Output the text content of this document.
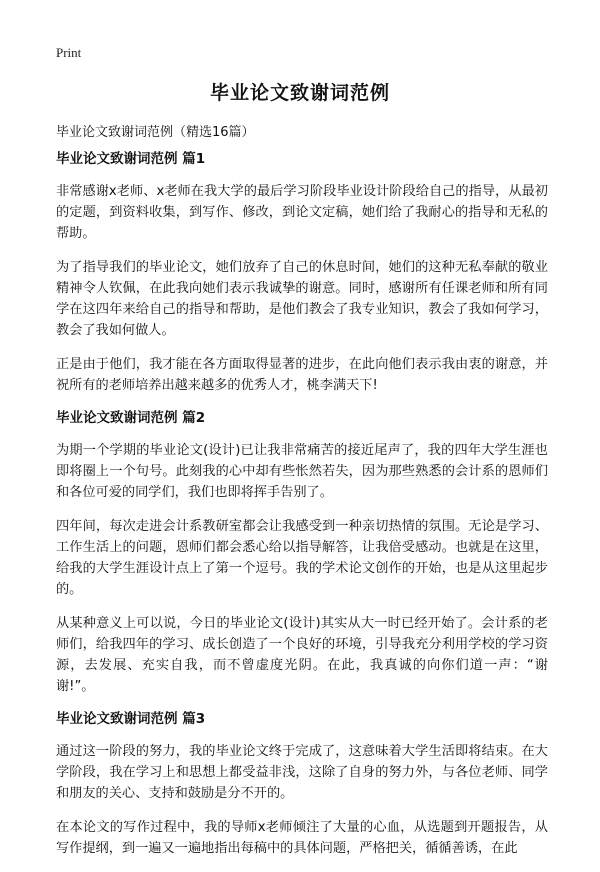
Print
毕业论文致谢词范例
毕业论文致谢词范例（精选16篇）
毕业论文致谢词范例 篇1

非常感谢x老师、x老师在我大学的最后学习阶段毕业设计阶段给自己的指导，从最初的定题，到资料收集，到写作、修改，到论文定稿，她们给了我耐心的指导和无私的帮助。

为了指导我们的毕业论文，她们放弃了自己的休息时间，她们的这种无私奉献的敬业精神令人钦佩，在此我向她们表示我诚挚的谢意。同时，感谢所有任课老师和所有同学在这四年来给自己的指导和帮助，是他们教会了我专业知识，教会了我如何学习，教会了我如何做人。

正是由于他们，我才能在各方面取得显著的进步，在此向他们表示我由衷的谢意，并祝所有的老师培养出越来越多的优秀人才，桃李满天下!

毕业论文致谢词范例 篇2

为期一个学期的毕业论文(设计)已让我非常痛苦的接近尾声了，我的四年大学生涯也即将圈上一个句号。此刻我的心中却有些怅然若失，因为那些熟悉的会计系的恩师们和各位可爱的同学们，我们也即将挥手告别了。

四年间，每次走进会计系教研室都会让我感受到一种亲切热情的氛围。无论是学习、工作生活上的问题，恩师们都会悉心给以指导解答，让我倍受感动。也就是在这里，给我的大学生涯设计点上了第一个逗号。我的学术论文创作的开始，也是从这里起步的。

从某种意义上可以说，今日的毕业论文(设计)其实从大一时已经开始了。会计系的老师们，给我四年的学习、成长创造了一个良好的环境，引导我充分利用学校的学习资源，去发展、充实自我，而不曾虚度光阴。在此，我真诚的向你们道一声：“谢谢!”。

毕业论文致谢词范例 篇3

通过这一阶段的努力，我的毕业论文终于完成了，这意味着大学生活即将结束。在大学阶段，我在学习上和思想上都受益非浅，这除了自身的努力外，与各位老师、同学和朋友的关心、支持和鼓励是分不开的。

在本论文的写作过程中，我的导师x老师倾注了大量的心血，从选题到开题报告，从写作提纲，到一遍又一遍地指出每稿中的具体问题，严格把关，循循善诱，在此
